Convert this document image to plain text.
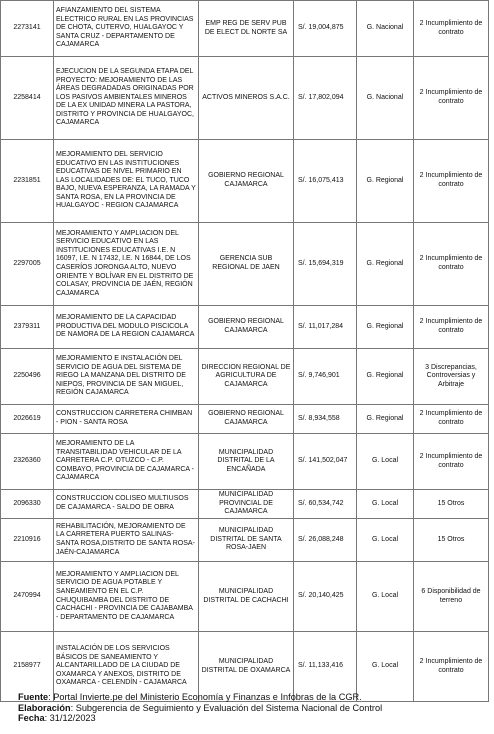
2273141	AFIANZAMIENTO DEL SISTEMA ELECTRICO RURAL EN LAS PROVINCIAS DE CHOTA, CUTERVO, HUALGAYOC Y SANTA CRUZ - DEPARTAMENTO DE CAJAMARCA	EMP REG DE SERV PUB DE ELECT DL NORTE SA	S/. 19,004,875	G. Nacional	2 Incumplimiento de contrato
2258414	EJECUCION DE LA SEGUNDA ETAPA DEL PROYECTO: MEJORAMIENTO DE LAS ÁREAS DEGRADADAS ORIGINADAS POR LOS PASIVOS AMBIENTALES MINEROS DE LA EX UNIDAD MINERA LA PASTORA, DISTRITO Y PROVINCIA DE HUALGAYOC, CAJAMARCA	ACTIVOS MINEROS S.A.C.	S/. 17,802,094	G. Nacional	2 Incumplimiento de contrato
2231851	MEJORAMIENTO DEL SERVICIO EDUCATIVO EN LAS INSTITUCIONES EDUCATIVAS DE NIVEL PRIMARIO EN LAS LOCALIDADES DE: EL TUCO, TUCO BAJO, NUEVA ESPERANZA, LA RAMADA Y SANTA ROSA, EN LA PROVINCIA DE HUALGAYOC - REGION CAJAMARCA	GOBIERNO REGIONAL CAJAMARCA	S/. 16,075,413	G. Regional	2 Incumplimiento de contrato
2297005	MEJORAMIENTO Y AMPLIACION DEL SERVICIO EDUCATIVO EN LAS INSTITUCIONES EDUCATIVAS I.E. N 16097, I.E. N 17432, I.E. N 16844, DE LOS CASERÍOS JORONGA ALTO, NUEVO ORIENTE Y BOLÍVAR EN EL DISTRITO DE COLASAY, PROVINCIA DE JAÉN, REGIÓN CAJAMARCA	GERENCIA SUB REGIONAL DE JAEN	S/. 15,694,319	G. Regional	2 Incumplimiento de contrato
2379311	MEJORAMIENTO DE LA CAPACIDAD PRODUCTIVA DEL MODULO PISCICOLA DE NAMORA DE LA REGION CAJAMARCA	GOBIERNO REGIONAL CAJAMARCA	S/. 11,017,284	G. Regional	2 Incumplimiento de contrato
2250496	MEJORAMIENTO E INSTALACIÓN DEL SERVICIO DE AGUA DEL SISTEMA DE RIEGO LA MANZANA DEL DISTRITO DE NIEPOS, PROVINCIA DE SAN MIGUEL, REGIÓN CAJAMARCA	DIRECCION REGIONAL DE AGRICULTURA DE CAJAMARCA	S/. 9,746,901	G. Regional	3 Discrepancias, Controversias y Arbitraje
2026619	CONSTRUCCION CARRETERA CHIMBAN - PION - SANTA ROSA	GOBIERNO REGIONAL CAJAMARCA	S/. 8,934,558	G. Regional	2 Incumplimiento de contrato
2326360	MEJORAMIENTO DE LA TRANSITABILIDAD VEHICULAR DE LA CARRETERA C.P. OTUZCO - C.P. COMBAYO, PROVINCIA DE CAJAMARCA - CAJAMARCA	MUNICIPALIDAD DISTRITAL DE LA ENCAÑADA	S/. 141,502,047	G. Local	2 Incumplimiento de contrato
2096330	CONSTRUCCION COLISEO MULTIUSOS DE CAJAMARCA - SALDO DE OBRA	MUNICIPALIDAD PROVINCIAL DE CAJAMARCA	S/. 60,534,742	G. Local	15 Otros
2210916	REHABILITACIÓN, MEJORAMIENTO DE LA CARRETERA PUERTO SALINAS-SANTA ROSA,DISTRITO DE SANTA ROSA-JAÉN-CAJAMARCA	MUNICIPALIDAD DISTRITAL DE SANTA ROSA-JAEN	S/. 26,088,248	G. Local	15 Otros
2470994	MEJORAMIENTO Y AMPLIACION DEL SERVICIO DE AGUA POTABLE Y SANEAMIENTO EN EL C.P. CHUQUIBAMBA DEL DISTRITO DE CACHACHI - PROVINCIA DE CAJABAMBA - DEPARTAMENTO DE CAJAMARCA	MUNICIPALIDAD DISTRITAL DE CACHACHI	S/. 20,140,425	G. Local	6 Disponibilidad de terreno
2158977	INSTALACIÓN DE LOS SERVICIOS BÁSICOS DE SANEAMIENTO Y ALCANTARILLADO DE LA CIUDAD DE OXAMARCA Y ANEXOS, DISTRITO DE OXAMARCA - CELENDÍN - CAJAMARCA	MUNICIPALIDAD DISTRITAL DE OXAMARCA	S/. 11,133,416	G. Local	2 Incumplimiento de contrato
Fuente: Portal Invierte.pe del Ministerio Economía y Finanzas e Infobras de la CGR.
Elaboración: Subgerencia de Seguimiento y Evaluación del Sistema Nacional de Control
Fecha: 31/12/2023
